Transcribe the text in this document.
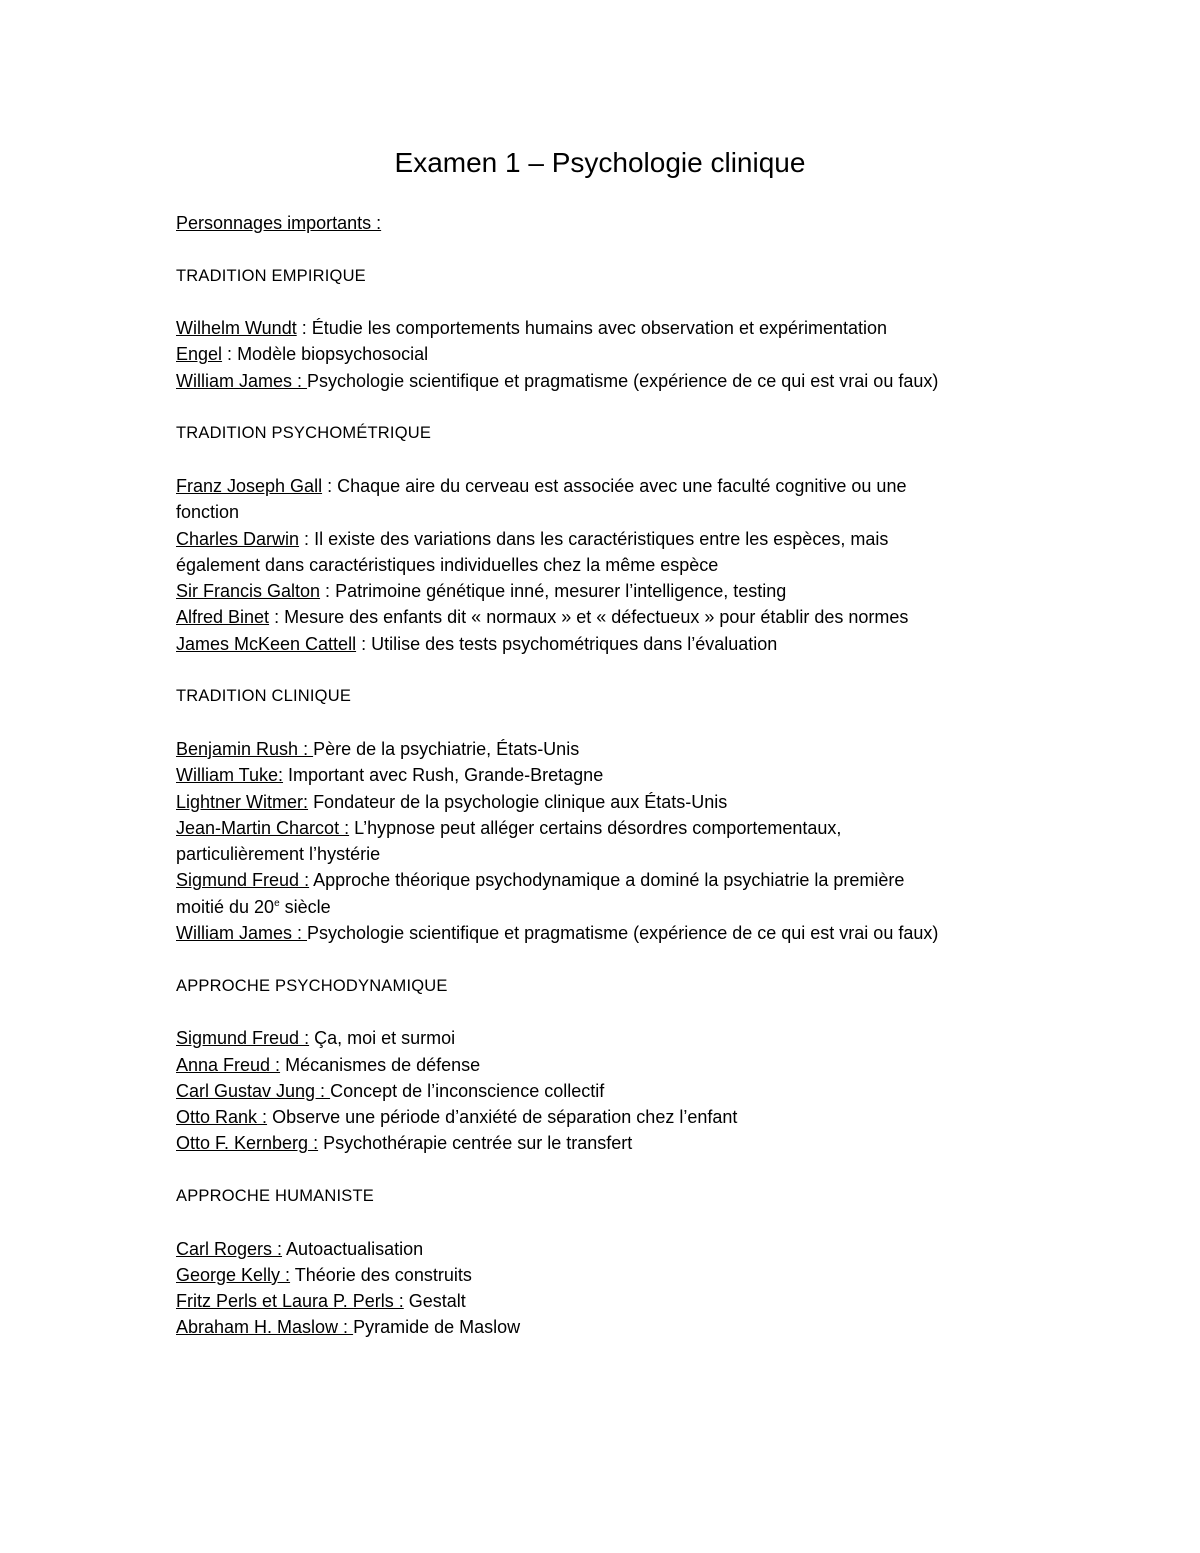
Examen 1 – Psychologie clinique
Personnages importants :
TRADITION EMPIRIQUE
Wilhelm Wundt : Étudie les comportements humains avec observation et expérimentation
Engel : Modèle biopsychosocial
William James : Psychologie scientifique et pragmatisme (expérience de ce qui est vrai ou faux)
TRADITION PSYCHOMÉTRIQUE
Franz Joseph Gall : Chaque aire du cerveau est associée avec une faculté cognitive ou une
fonction
Charles Darwin : Il existe des variations dans les caractéristiques entre les espèces, mais
également dans caractéristiques individuelles chez la même espèce
Sir Francis Galton : Patrimoine génétique inné, mesurer l’intelligence, testing
Alfred Binet : Mesure des enfants dit « normaux » et « défectueux » pour établir des normes
James McKeen Cattell : Utilise des tests psychométriques dans l’évaluation
TRADITION CLINIQUE
Benjamin Rush : Père de la psychiatrie, États-Unis
William Tuke: Important avec Rush, Grande-Bretagne
Lightner Witmer: Fondateur de la psychologie clinique aux États-Unis
Jean-Martin Charcot : L’hypnose peut alléger certains désordres comportementaux,
particulièrement l’hystérie
Sigmund Freud : Approche théorique psychodynamique a dominé la psychiatrie la première
moitié du 20e siècle
William James : Psychologie scientifique et pragmatisme (expérience de ce qui est vrai ou faux)
APPROCHE PSYCHODYNAMIQUE
Sigmund Freud : Ça, moi et surmoi
Anna Freud : Mécanismes de défense
Carl Gustav Jung : Concept de l’inconscience collectif
Otto Rank : Observe une période d’anxiété de séparation chez l’enfant
Otto F. Kernberg : Psychothérapie centrée sur le transfert
APPROCHE HUMANISTE
Carl Rogers : Autoactualisation
George Kelly : Théorie des construits
Fritz Perls et Laura P. Perls : Gestalt
Abraham H. Maslow : Pyramide de Maslow
